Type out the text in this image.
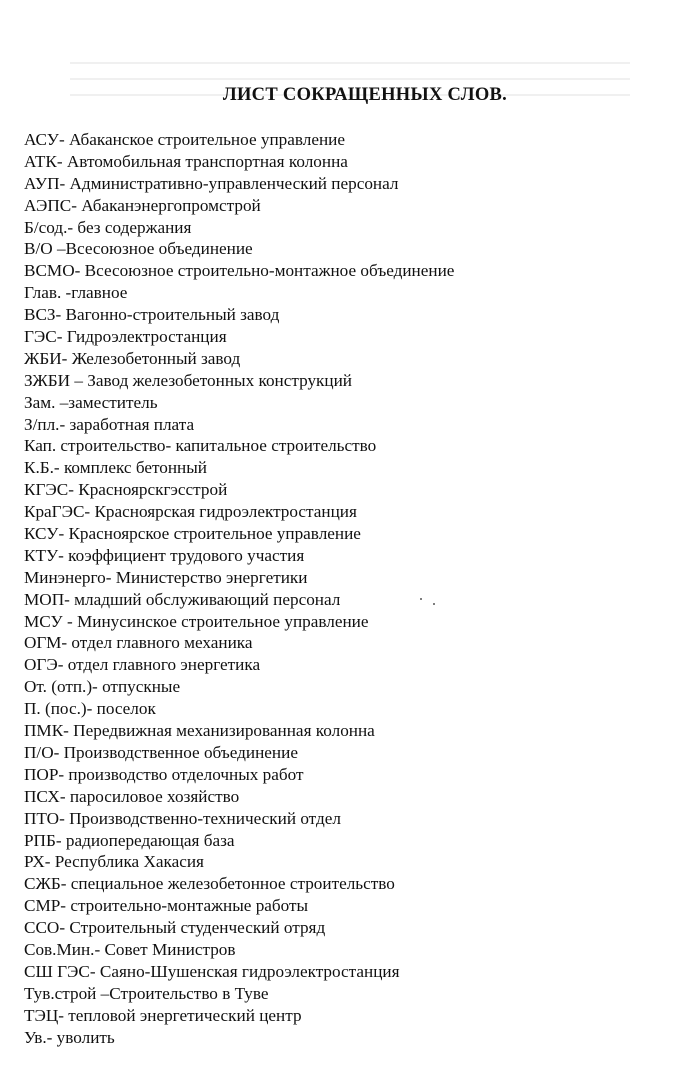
ЛИСТ СОКРАЩЕННЫХ СЛОВ.
АСУ- Абаканское строительное управление
АТК- Автомобильная транспортная колонна
АУП- Административно-управленческий персонал
АЭПС- Абаканэнергопромстрой
Б/сод.- без содержания
В/О –Всесоюзное объединение
ВСМО- Всесоюзное строительно-монтажное объединение
Глав. -главное
ВСЗ- Вагонно-строительный завод
ГЭС- Гидроэлектростанция
ЖБИ- Железобетонный завод
ЗЖБИ – Завод железобетонных конструкций
Зам. –заместитель
З/пл.- заработная плата
Кап. строительство- капитальное строительство
К.Б.- комплекс бетонный
КГЭС- Красноярскгэсстрой
КраГЭС- Красноярская гидроэлектростанция
КСУ- Красноярское строительное управление
КТУ- коэффициент трудового участия
Минэнерго- Министерство энергетики
МОП- младший обслуживающий персонал
МСУ - Минусинское строительное управление
ОГМ- отдел главного механика
ОГЭ- отдел главного энергетика
От. (отп.)- отпускные
П. (пос.)- поселок
ПМК- Передвижная механизированная колонна
П/О- Производственное объединение
ПОР- производство отделочных работ
ПСХ- паросиловое хозяйство
ПТО- Производственно-технический отдел
РПБ- радиопередающая база
РХ- Республика Хакасия
СЖБ- специальное железобетонное строительство
СМР- строительно-монтажные работы
ССО- Строительный студенческий отряд
Сов.Мин.- Совет Министров
СШ ГЭС- Саяно-Шушенская гидроэлектростанция
Тув.строй –Строительство в Туве
ТЭЦ- тепловой энергетический центр
Ув.- уволить
